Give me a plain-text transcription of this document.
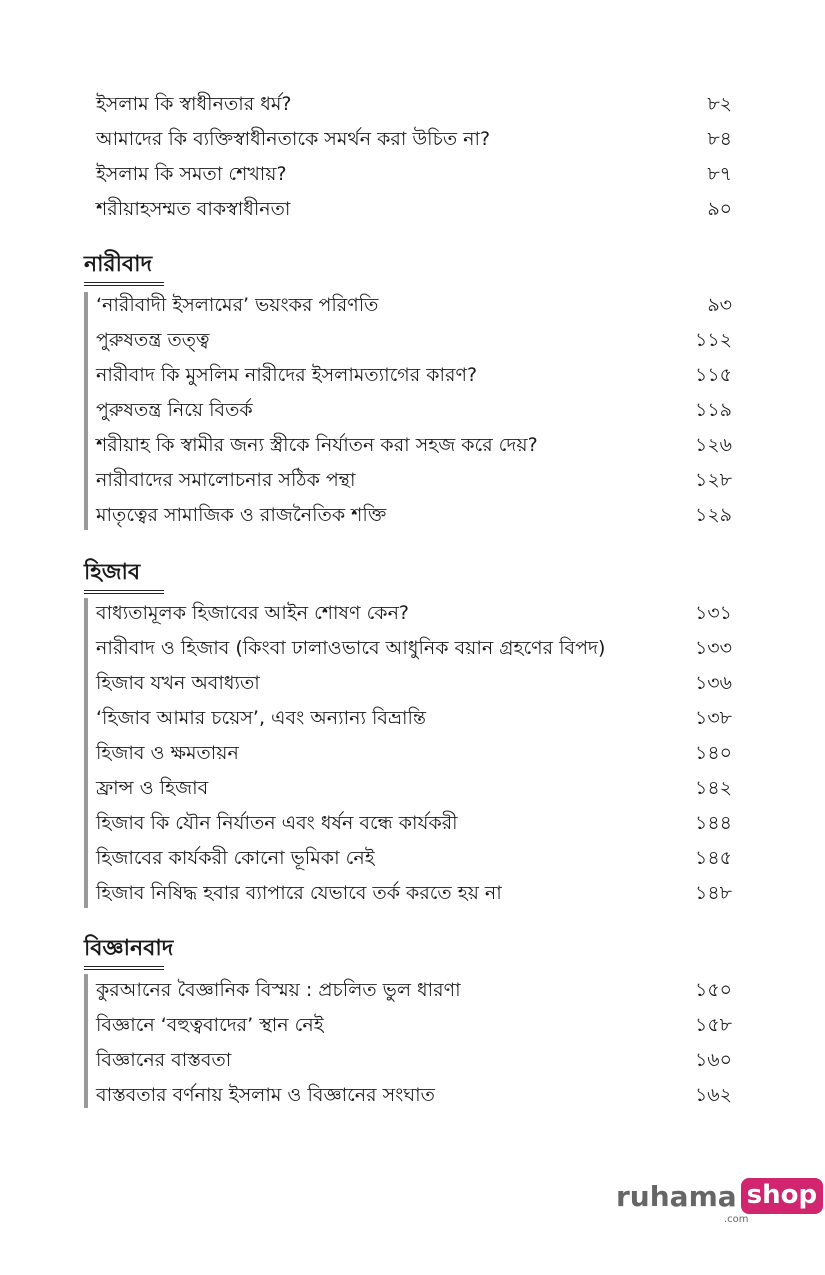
ইসলাম কি স্বাধীনতার ধর্ম?	৮২
আমাদের কি ব্যক্তিস্বাধীনতাকে সমর্থন করা উচিত না?	৮৪
ইসলাম কি সমতা শেখায়?	৮৭
শরীয়াহসম্মত বাকস্বাধীনতা	৯০
নারীবাদ
‘নারীবাদী ইসলামের’ ভয়ংকর পরিণতি	৯৩
পুরুষতন্ত্র তত্ত্ব	১১২
নারীবাদ কি মুসলিম নারীদের ইসলামত্যাগের কারণ?	১১৫
পুরুষতন্ত্র নিয়ে বিতর্ক	১১৯
শরীয়াহ কি স্বামীর জন্য স্ত্রীকে নির্যাতন করা সহজ করে দেয়?	১২৬
নারীবাদের সমালোচনার সঠিক পন্থা	১২৮
মাতৃত্বের সামাজিক ও রাজনৈতিক শক্তি	১২৯
হিজাব
বাধ্যতামূলক হিজাবের আইন শোষণ কেন?	১৩১
নারীবাদ ও হিজাব (কিংবা ঢালাওভাবে আধুনিক বয়ান গ্রহণের বিপদ)	১৩৩
হিজাব যখন অবাধ্যতা	১৩৬
‘হিজাব আমার চয়েস’, এবং অন্যান্য বিভ্রান্তি	১৩৮
হিজাব ও ক্ষমতায়ন	১৪০
ফ্রান্স ও হিজাব	১৪২
হিজাব কি যৌন নির্যাতন এবং ধর্ষন বন্ধে কার্যকরী	১৪৪
হিজাবের কার্যকরী কোনো ভূমিকা নেই	১৪৫
হিজাব নিষিদ্ধ হবার ব্যাপারে যেভাবে তর্ক করতে হয় না	১৪৮
বিজ্ঞানবাদ
কুরআনের বৈজ্ঞানিক বিস্ময় : প্রচলিত ভুল ধারণা	১৫০
বিজ্ঞানে ‘বহুত্ববাদের’ স্থান নেই	১৫৮
বিজ্ঞানের বাস্তবতা	১৬০
বাস্তবতার বর্ণনায় ইসলাম ও বিজ্ঞানের সংঘাত	১৬২
ruhama shop
.com
